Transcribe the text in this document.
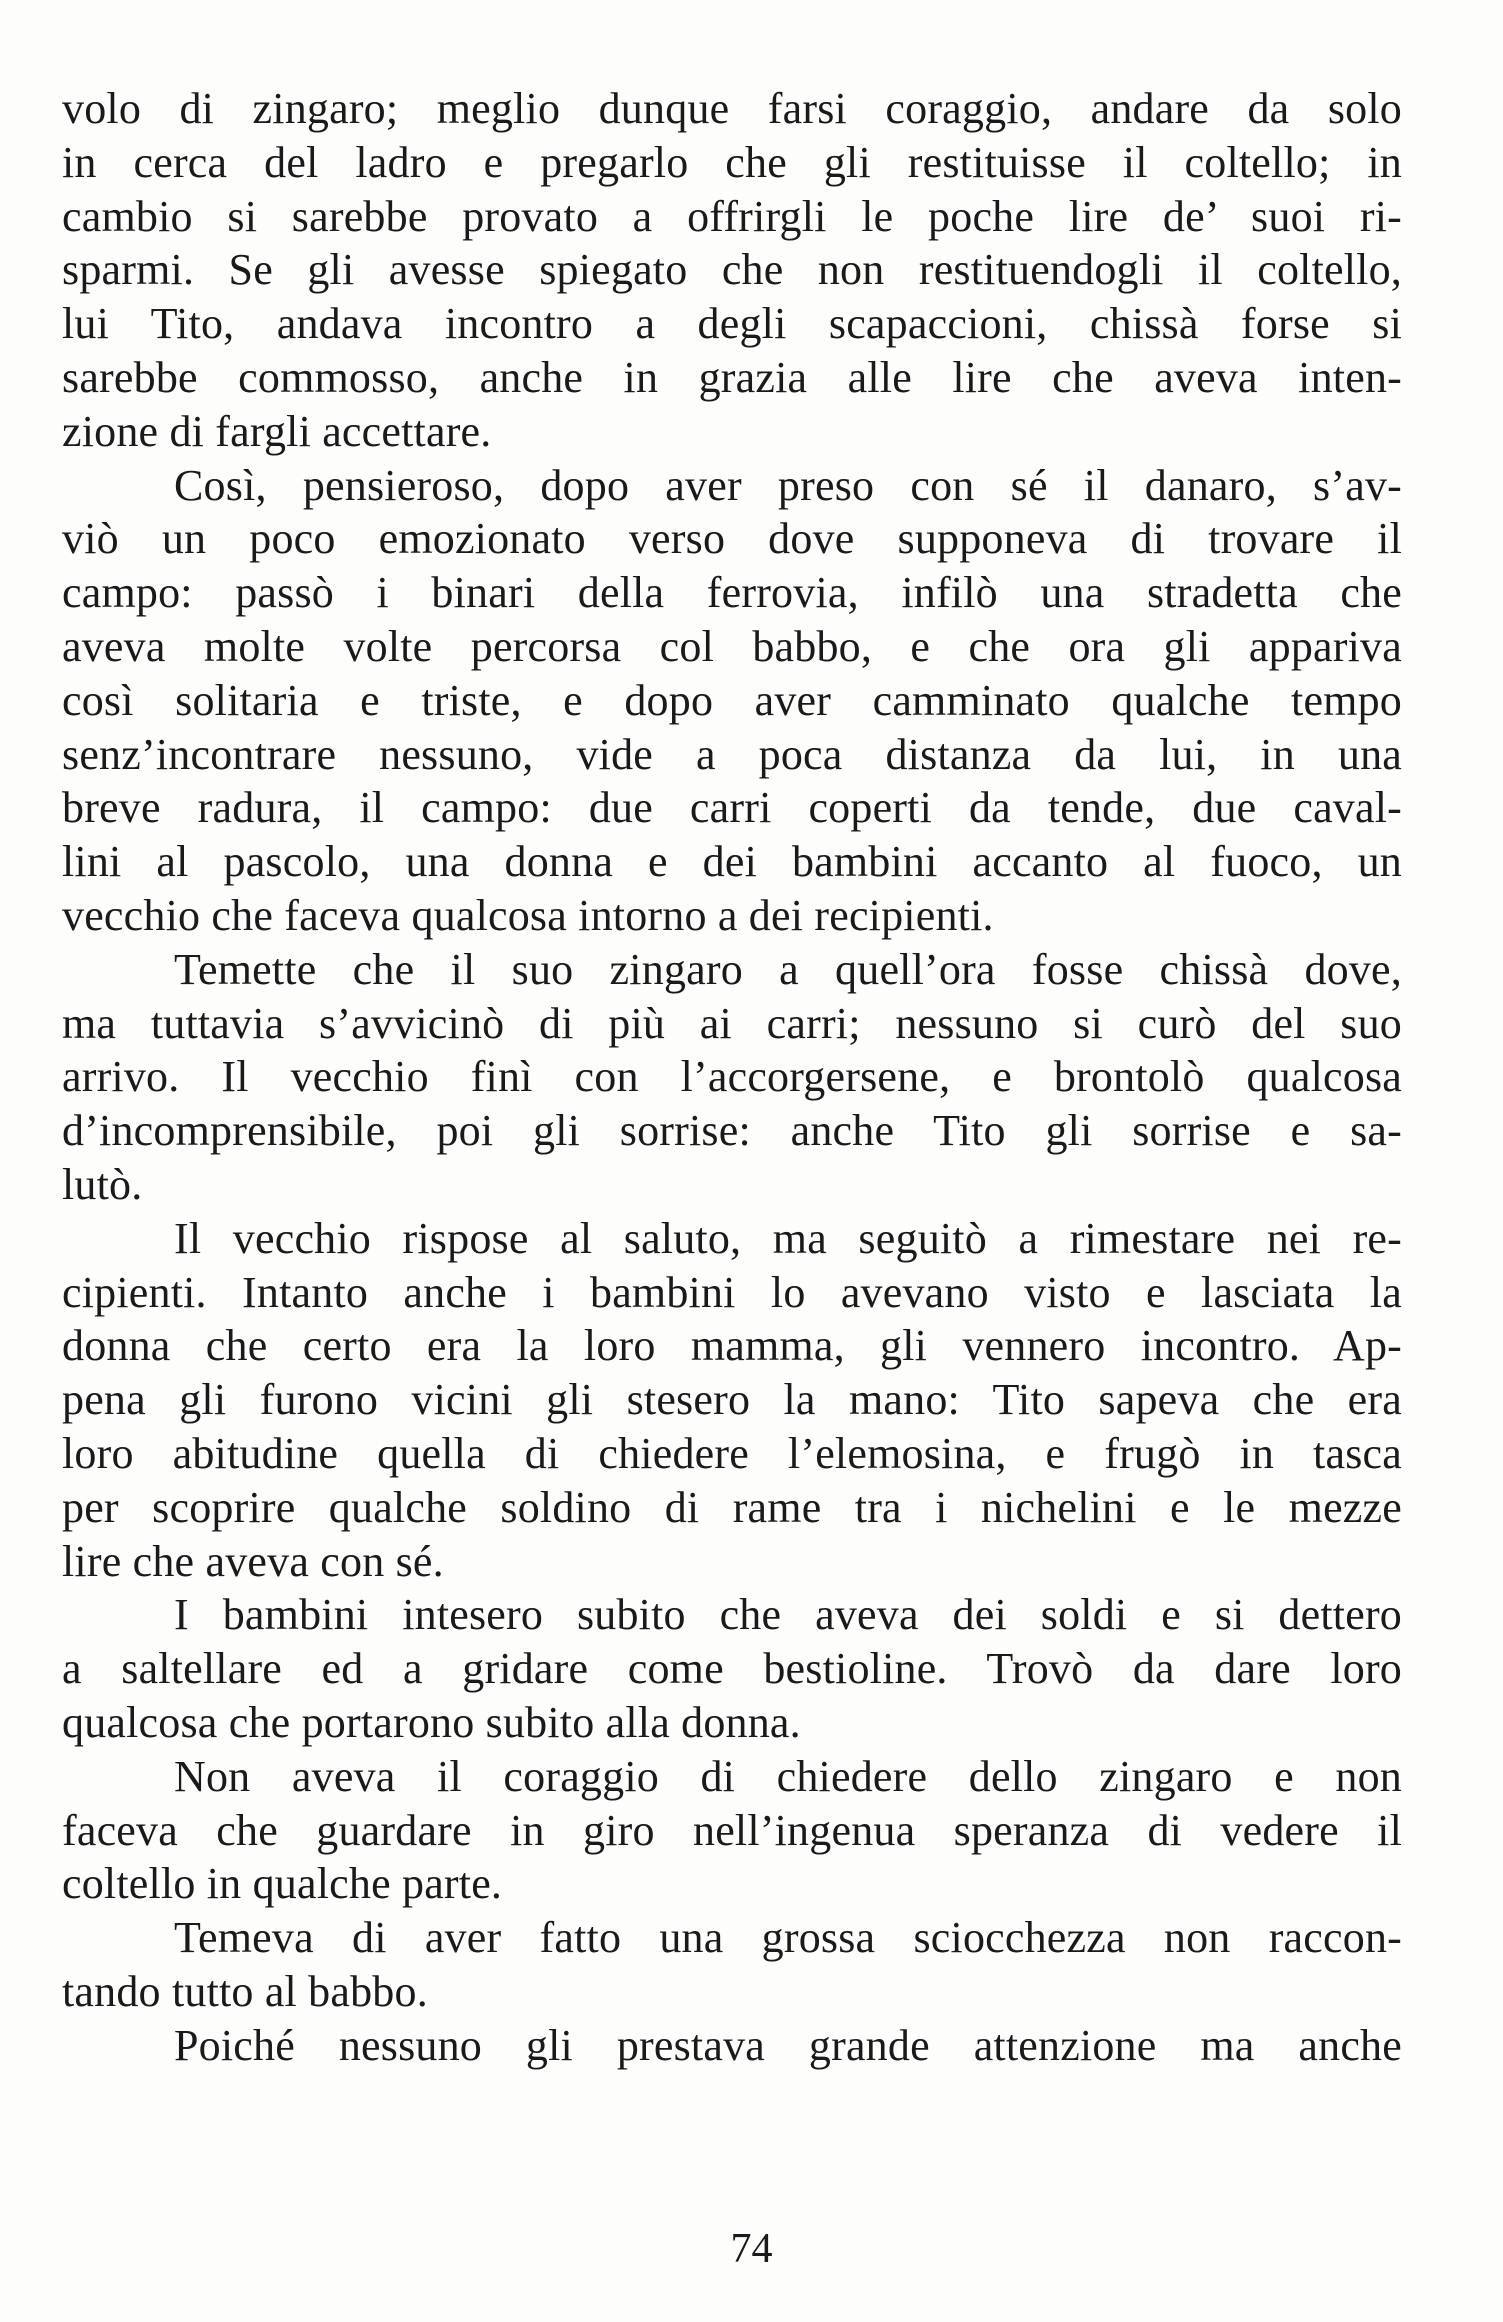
volo di zingaro; meglio dunque farsi coraggio, andare da solo
in cerca del ladro e pregarlo che gli restituisse il coltello; in
cambio si sarebbe provato a offrirgli le poche lire de’ suoi ri-
sparmi. Se gli avesse spiegato che non restituendogli il coltello,
lui Tito, andava incontro a degli scapaccioni, chissà forse si
sarebbe commosso, anche in grazia alle lire che aveva inten-
zione di fargli accettare.
Così, pensieroso, dopo aver preso con sé il danaro, s’av-
viò un poco emozionato verso dove supponeva di trovare il
campo: passò i binari della ferrovia, infilò una stradetta che
aveva molte volte percorsa col babbo, e che ora gli appariva
così solitaria e triste, e dopo aver camminato qualche tempo
senz’incontrare nessuno, vide a poca distanza da lui, in una
breve radura, il campo: due carri coperti da tende, due caval-
lini al pascolo, una donna e dei bambini accanto al fuoco, un
vecchio che faceva qualcosa intorno a dei recipienti.
Temette che il suo zingaro a quell’ora fosse chissà dove,
ma tuttavia s’avvicinò di più ai carri; nessuno si curò del suo
arrivo. Il vecchio finì con l’accorgersene, e brontolò qualcosa
d’incomprensibile, poi gli sorrise: anche Tito gli sorrise e sa-
lutò.
Il vecchio rispose al saluto, ma seguitò a rimestare nei re-
cipienti. Intanto anche i bambini lo avevano visto e lasciata la
donna che certo era la loro mamma, gli vennero incontro. Ap-
pena gli furono vicini gli stesero la mano: Tito sapeva che era
loro abitudine quella di chiedere l’elemosina, e frugò in tasca
per scoprire qualche soldino di rame tra i nichelini e le mezze
lire che aveva con sé.
I bambini intesero subito che aveva dei soldi e si dettero
a saltellare ed a gridare come bestioline. Trovò da dare loro
qualcosa che portarono subito alla donna.
Non aveva il coraggio di chiedere dello zingaro e non
faceva che guardare in giro nell’ingenua speranza di vedere il
coltello in qualche parte.
Temeva di aver fatto una grossa sciocchezza non raccon-
tando tutto al babbo.
Poiché nessuno gli prestava grande attenzione ma anche
74
